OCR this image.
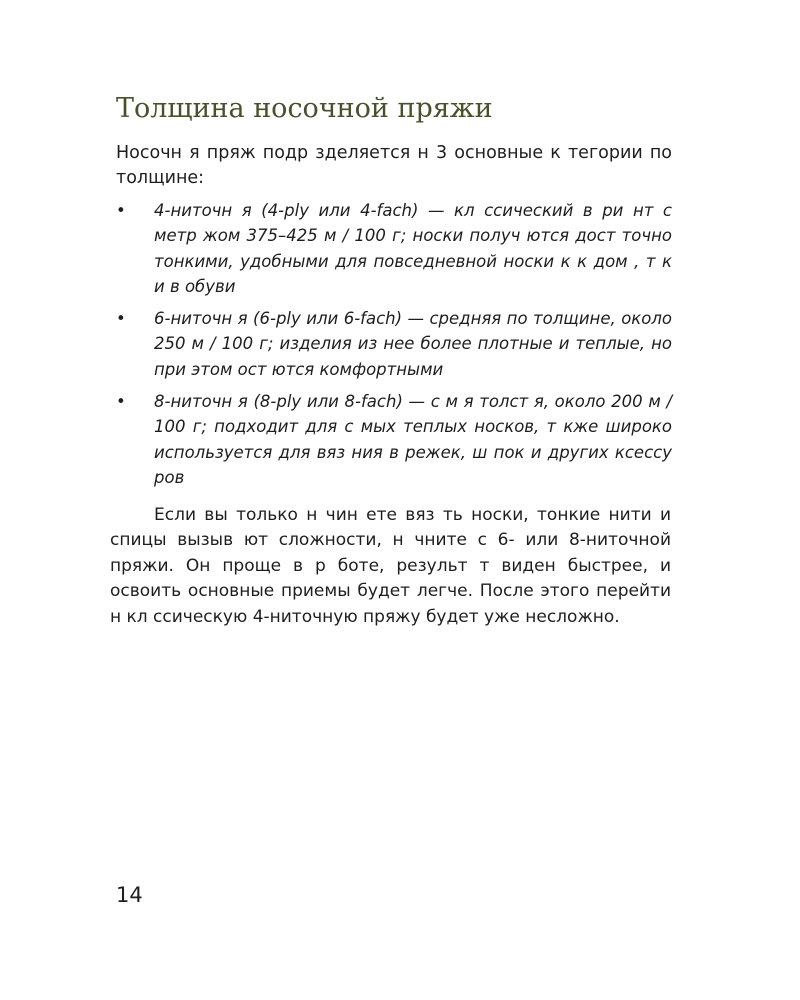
Толщина носочной пряжи

Носочн я пряж подр зделяется н 3 основные к тегории по толщине:

• 4-ниточн я (4-ply или 4-fach) — кл ссический в ри нт с метр жом 375–425 м / 100 г; носки получ ются дост точно тонкими, удобными для повседневной носки к к дом , т к и в обуви
• 6-ниточн я (6-ply или 6-fach) — средняя по толщине, около 250 м / 100 г; изделия из нее более плотные и теплые, но при этом ост ются комфортными
• 8-ниточн я (8-ply или 8-fach) — с м я толст я, около 200 м / 100 г; подходит для с мых теплых носков, т кже широко используется для вяз ния в режек, ш пок и других ксессу ров

Если вы только н чин ете вяз ть носки, тонкие нити и спицы вызыв ют сложности, н чните с 6- или 8-ниточной пряжи. Он проще в р боте, результ т виден быстрее, и освоить основные приемы будет легче. После этого перейти н кл ссическую 4-ниточную пряжу будет уже несложно.

14
